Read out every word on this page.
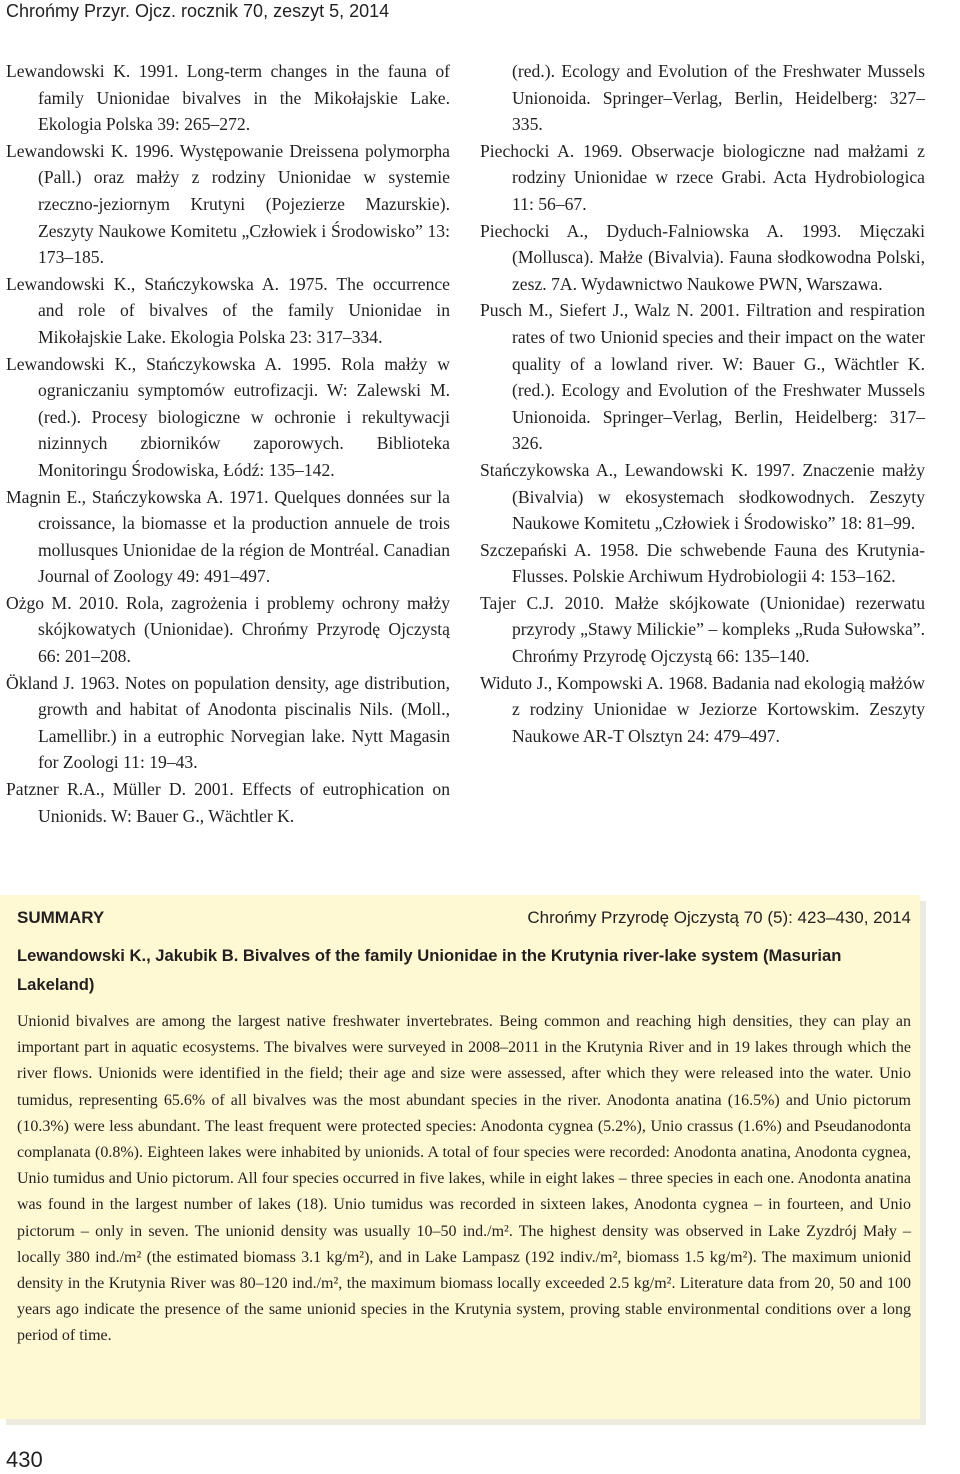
Chrońmy Przyr. Ojcz. rocznik 70, zeszyt 5, 2014
Lewandowski K. 1991. Long-term changes in the fauna of family Unionidae bivalves in the Mikołajskie Lake. Ekologia Polska 39: 265–272.
Lewandowski K. 1996. Występowanie Dreissena polymorpha (Pall.) oraz małży z rodziny Unionidae w systemie rzeczno-jeziornym Krutyni (Pojezierze Mazurskie). Zeszyty Naukowe Komitetu „Człowiek i Środowisko” 13: 173–185.
Lewandowski K., Stańczykowska A. 1975. The occurrence and role of bivalves of the family Unionidae in Mikołajskie Lake. Ekologia Polska 23: 317–334.
Lewandowski K., Stańczykowska A. 1995. Rola małży w ograniczaniu symptomów eutrofizacji. W: Zalewski M. (red.). Procesy biologiczne w ochronie i rekultywacji nizinnych zbiorników zaporowych. Biblioteka Monitoringu Środowiska, Łódź: 135–142.
Magnin E., Stańczykowska A. 1971. Quelques données sur la croissance, la biomasse et la production annuele de trois mollusques Unionidae de la région de Montréal. Canadian Journal of Zoology 49: 491–497.
Ożgo M. 2010. Rola, zagrożenia i problemy ochrony małży skójkowatych (Unionidae). Chrońmy Przyrodę Ojczystą 66: 201–208.
Ökland J. 1963. Notes on population density, age distribution, growth and habitat of Anodonta piscinalis Nils. (Moll., Lamellibr.) in a eutrophic Norvegian lake. Nytt Magasin for Zoologi 11: 19–43.
Patzner R.A., Müller D. 2001. Effects of eutrophication on Unionids. W: Bauer G., Wächtler K.
(red.). Ecology and Evolution of the Freshwater Mussels Unionoida. Springer–Verlag, Berlin, Heidelberg: 327–335.
Piechocki A. 1969. Obserwacje biologiczne nad małżami z rodziny Unionidae w rzece Grabi. Acta Hydrobiologica 11: 56–67.
Piechocki A., Dyduch-Falniowska A. 1993. Mięczaki (Mollusca). Małże (Bivalvia). Fauna słodkowodna Polski, zesz. 7A. Wydawnictwo Naukowe PWN, Warszawa.
Pusch M., Siefert J., Walz N. 2001. Filtration and respiration rates of two Unionid species and their impact on the water quality of a lowland river. W: Bauer G., Wächtler K. (red.). Ecology and Evolution of the Freshwater Mussels Unionoida. Springer–Verlag, Berlin, Heidelberg: 317–326.
Stańczykowska A., Lewandowski K. 1997. Znaczenie małży (Bivalvia) w ekosystemach słodkowodnych. Zeszyty Naukowe Komitetu „Człowiek i Środowisko” 18: 81–99.
Szczepański A. 1958. Die schwebende Fauna des Krutynia-Flusses. Polskie Archiwum Hydrobiologii 4: 153–162.
Tajer C.J. 2010. Małże skójkowate (Unionidae) rezerwatu przyrody „Stawy Milickie” – kompleks „Ruda Sułowska”. Chrońmy Przyrodę Ojczystą 66: 135–140.
Widuto J., Kompowski A. 1968. Badania nad ekologią małżów z rodziny Unionidae w Jeziorze Kortowskim. Zeszyty Naukowe AR-T Olsztyn 24: 479–497.
SUMMARY	Chrońmy Przyrodę Ojczystą 70 (5): 423–430, 2014
Lewandowski K., Jakubik B. Bivalves of the family Unionidae in the Krutynia river-lake system (Masurian Lakeland)
Unionid bivalves are among the largest native freshwater invertebrates. Being common and reaching high densities, they can play an important part in aquatic ecosystems. The bivalves were surveyed in 2008–2011 in the Krutynia River and in 19 lakes through which the river flows. Unionids were identified in the field; their age and size were assessed, after which they were released into the water. Unio tumidus, representing 65.6% of all bivalves was the most abundant species in the river. Anodonta anatina (16.5%) and Unio pictorum (10.3%) were less abundant. The least frequent were protected species: Anodonta cygnea (5.2%), Unio crassus (1.6%) and Pseudanodonta complanata (0.8%). Eighteen lakes were inhabited by unionids. A total of four species were recorded: Anodonta anatina, Anodonta cygnea, Unio tumidus and Unio pictorum. All four species occurred in five lakes, while in eight lakes – three species in each one. Anodonta anatina was found in the largest number of lakes (18). Unio tumidus was recorded in sixteen lakes, Anodonta cygnea – in fourteen, and Unio pictorum – only in seven. The unionid density was usually 10–50 ind./m². The highest density was observed in Lake Zyzdrój Mały – locally 380 ind./m² (the estimated biomass 3.1 kg/m²), and in Lake Lampasz (192 indiv./m², biomass 1.5 kg/m²). The maximum unionid density in the Krutynia River was 80–120 ind./m², the maximum biomass locally exceeded 2.5 kg/m². Literature data from 20, 50 and 100 years ago indicate the presence of the same unionid species in the Krutynia system, proving stable environmental conditions over a long period of time.
430
